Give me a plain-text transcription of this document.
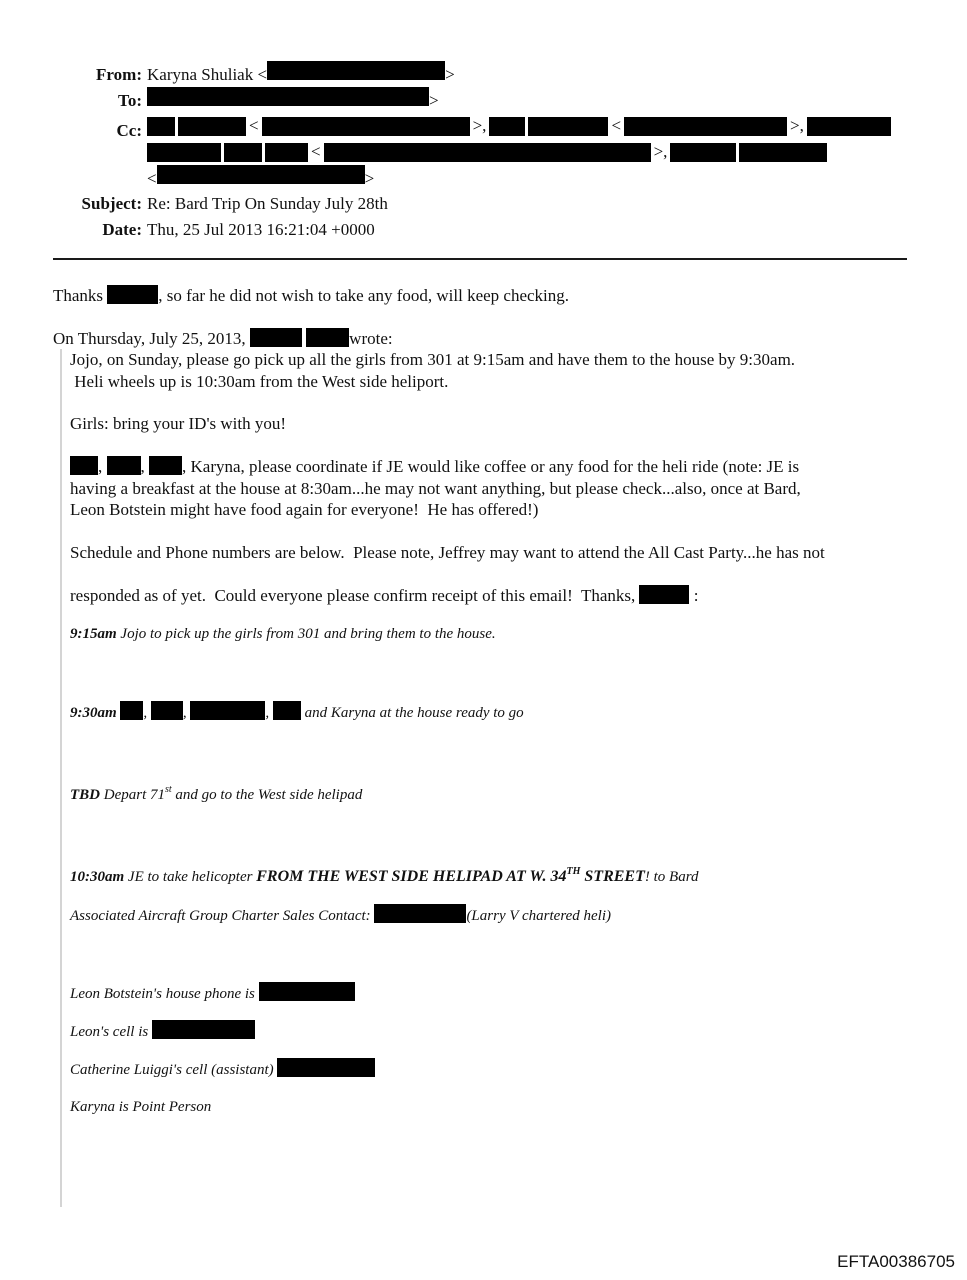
From: Karyna Shuliak <	>
To:	>
Cc:	<	>,	<	>,
<	>,
<	>
Subject: Re: Bard Trip On Sunday July 28th
Date: Thu, 25 Jul 2013 16:21:04 +0000
Thanks	, so far he did not wish to take any food, will keep checking.
On Thursday, July 25, 2013,	wrote:
Jojo, on Sunday, please go pick up all the girls from 301 at 9:15am and have them to the house by 9:30am.
Heli wheels up is 10:30am from the West side heliport.
Girls: bring your ID's with you!
, , , Karyna, please coordinate if JE would like coffee or any food for the heli ride (note: JE is
having a breakfast at the house at 8:30am...he may not want anything, but please check...also, once at Bard,
Leon Botstein might have food again for everyone!  He has offered!)
Schedule and Phone numbers are below.  Please note, Jeffrey may want to attend the All Cast Party...he has not

responded as of yet.  Could everyone please confirm receipt of this email!  Thanks,	:
9:15am Jojo to pick up the girls from 301 and bring them to the house.
9:30am , ,	,  and Karyna at the house ready to go
TBD Depart 71st and go to the West side helipad
10:30am JE to take helicopter FROM THE WEST SIDE HELIPAD AT W. 34TH STREET! to Bard
Associated Aircraft Group Charter Sales Contact:	(Larry V chartered heli)
Leon Botstein's house phone is
Leon's cell is
Catherine Luiggi's cell (assistant)
Karyna is Point Person
EFTA00386705
